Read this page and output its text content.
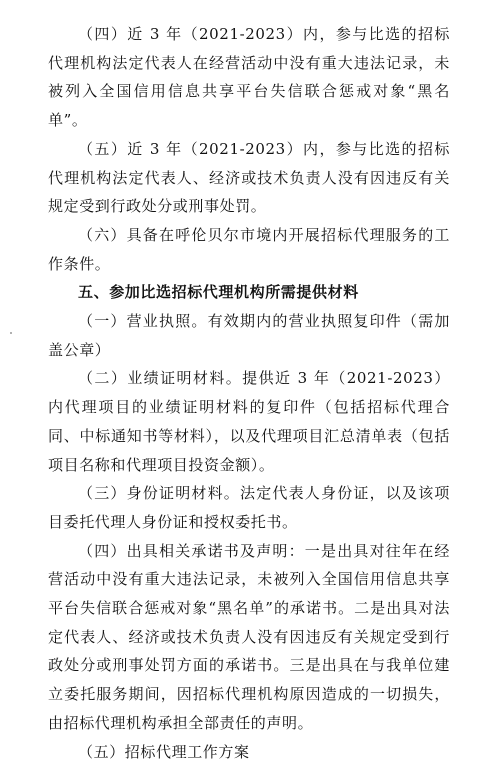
（四）近 3 年（2021-2023）内，参与比选的招标代理机构法定代表人在经营活动中没有重大违法记录，未被列入全国信用信息共享平台失信联合惩戒对象“黑名单”。

（五）近 3 年（2021-2023）内，参与比选的招标代理机构法定代表人、经济或技术负责人没有因违反有关规定受到行政处分或刑事处罚。

（六）具备在呼伦贝尔市境内开展招标代理服务的工作条件。

五、参加比选招标代理机构所需提供材料

（一）营业执照。有效期内的营业执照复印件（需加盖公章）

（二）业绩证明材料。提供近 3 年（2021-2023）内代理项目的业绩证明材料的复印件（包括招标代理合同、中标通知书等材料），以及代理项目汇总清单表（包括项目名称和代理项目投资金额）。

（三）身份证明材料。法定代表人身份证，以及该项目委托代理人身份证和授权委托书。

（四）出具相关承诺书及声明：一是出具对往年在经营活动中没有重大违法记录，未被列入全国信用信息共享平台失信联合惩戒对象“黑名单”的承诺书。二是出具对法定代表人、经济或技术负责人没有因违反有关规定受到行政处分或刑事处罚方面的承诺书。三是出具在与我单位建立委托服务期间，因招标代理机构原因造成的一切损失，由招标代理机构承担全部责任的声明。

（五）招标代理工作方案
